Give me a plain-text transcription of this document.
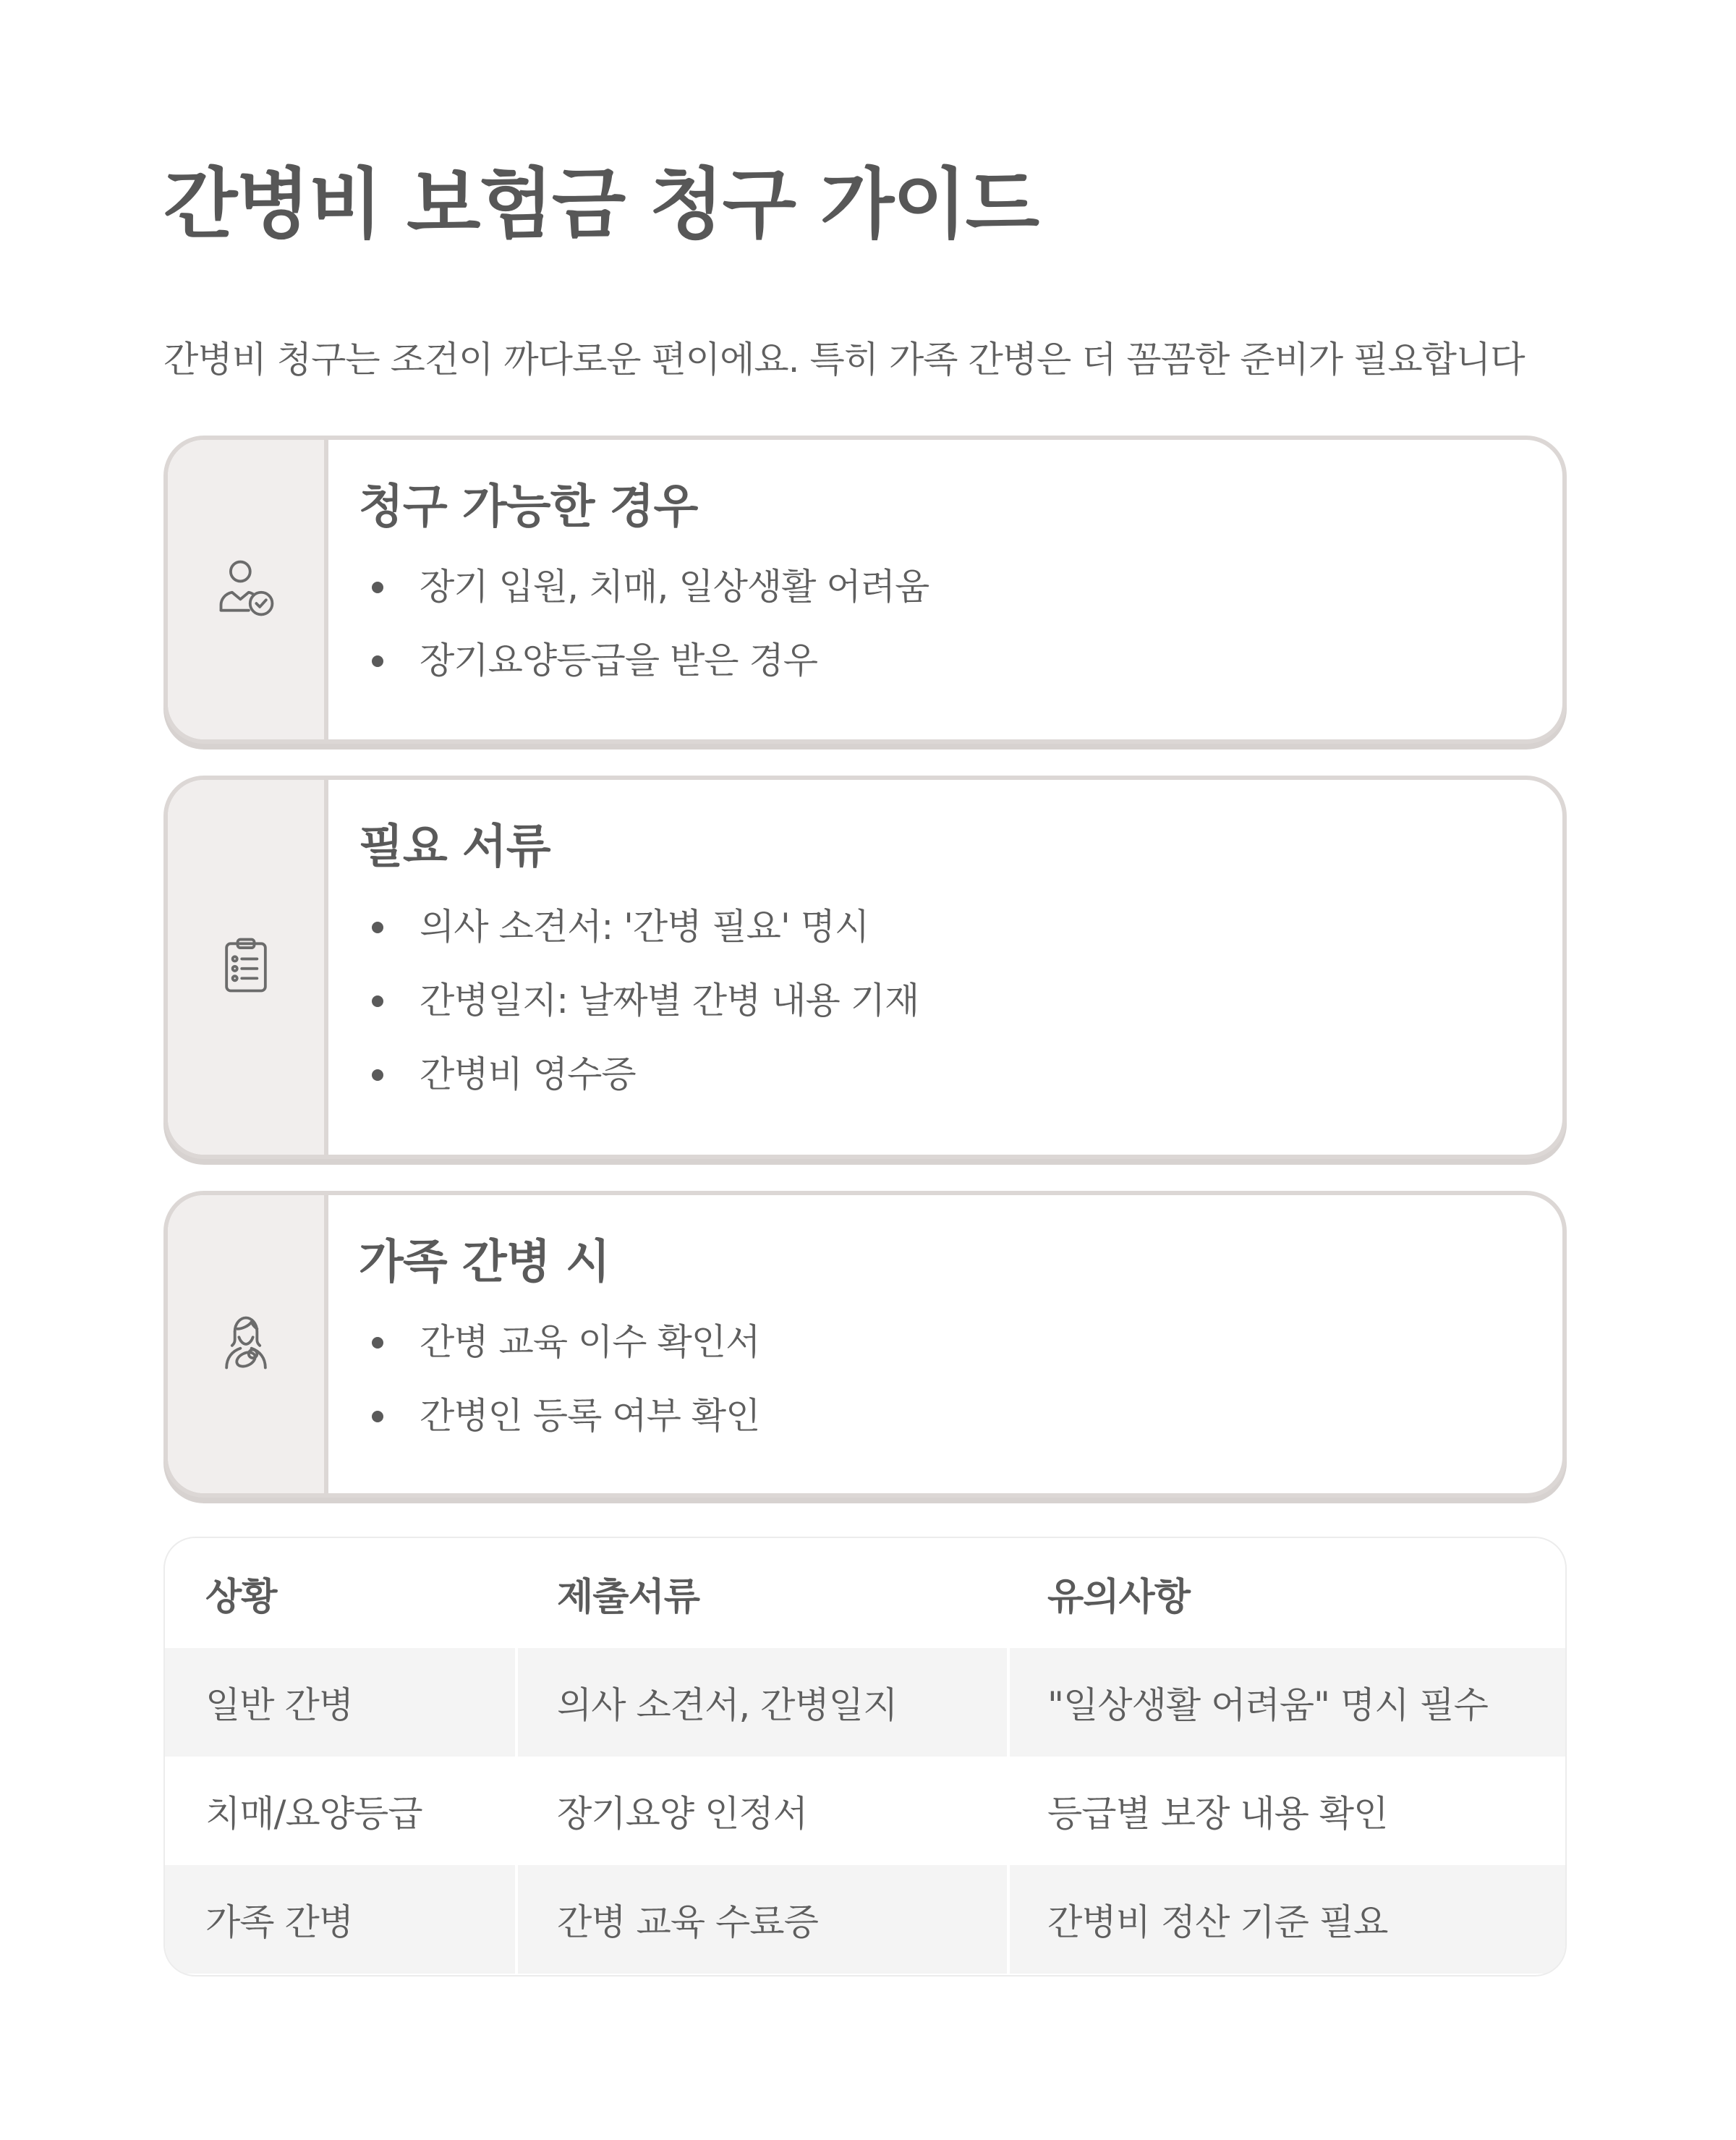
간병비 보험금 청구 가이드
간병비 청구는 조건이 까다로운 편이에요. 특히 가족 간병은 더 꼼꼼한 준비가 필요합니다
청구 가능한 경우
장기 입원, 치매, 일상생활 어려움
장기요양등급을 받은 경우
필요 서류
의사 소견서: '간병 필요' 명시
간병일지: 날짜별 간병 내용 기재
간병비 영수증
가족 간병 시
간병 교육 이수 확인서
간병인 등록 여부 확인
상황	제출서류	유의사항
일반 간병	의사 소견서, 간병일지	"일상생활 어려움" 명시 필수
치매/요양등급	장기요양 인정서	등급별 보장 내용 확인
가족 간병	간병 교육 수료증	간병비 정산 기준 필요
